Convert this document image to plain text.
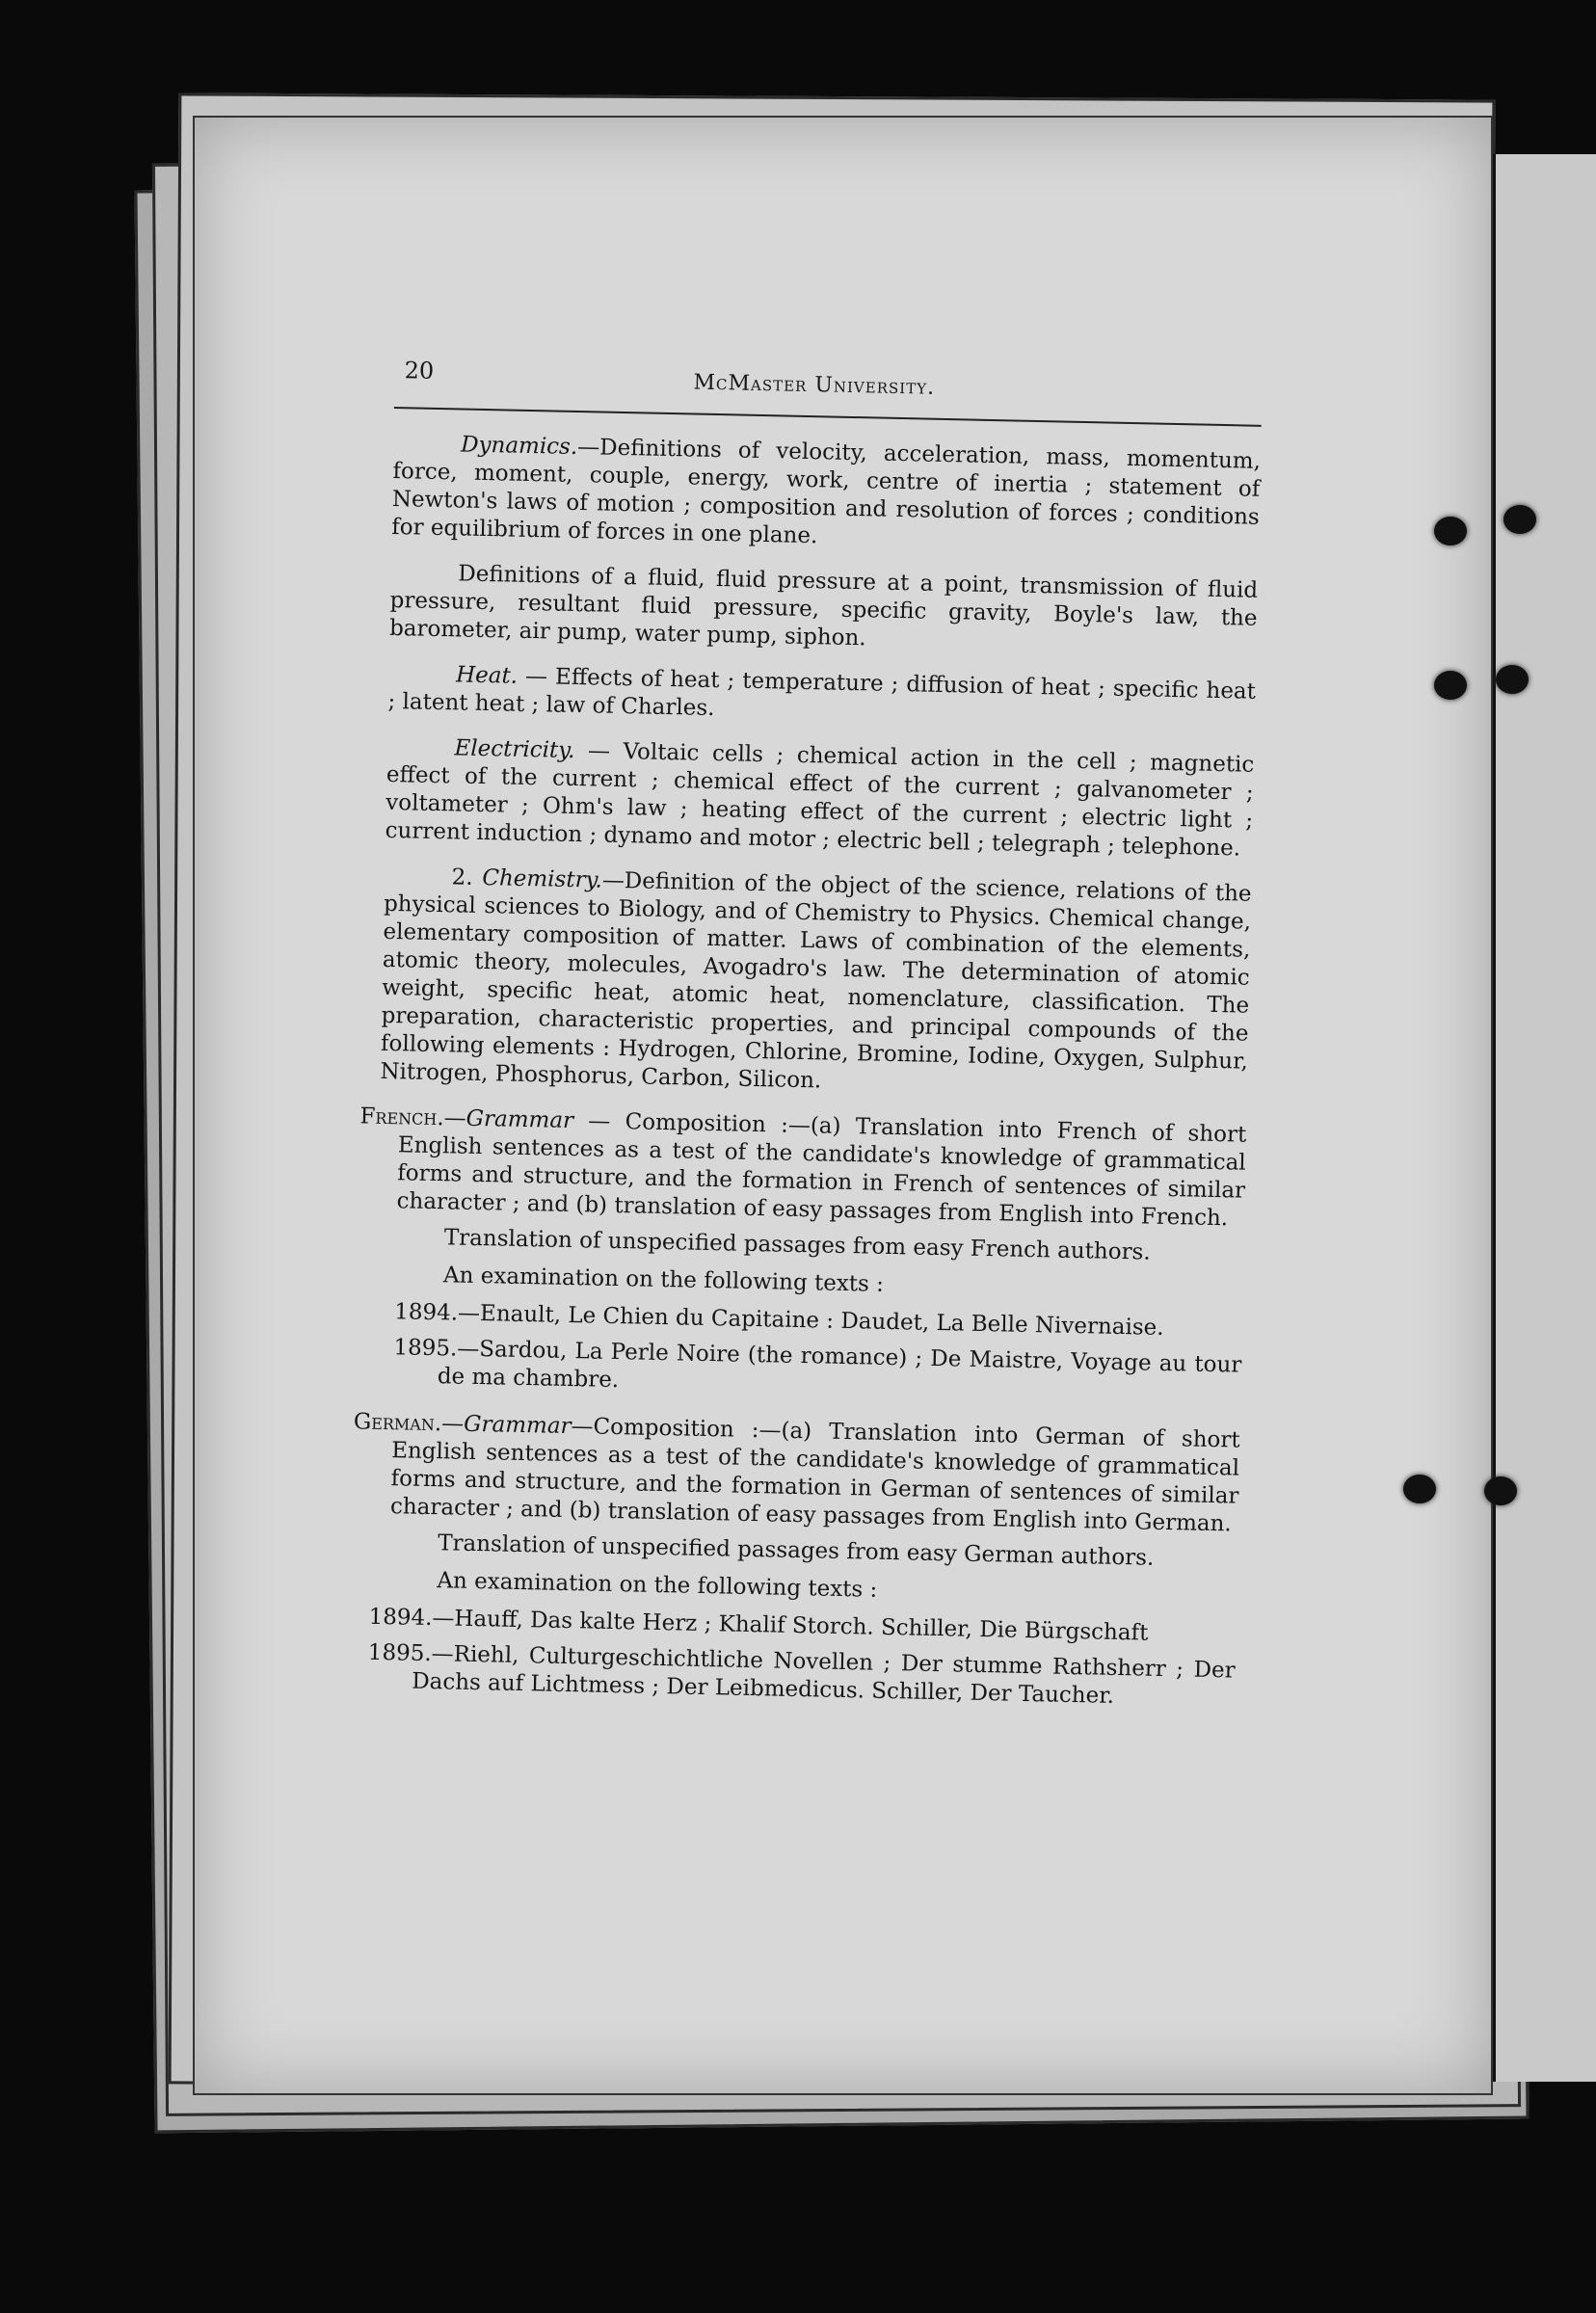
20	McMaster University.

Dynamics.—Definitions of velocity, acceleration, mass, momentum, force, moment, couple, energy, work, centre of inertia ; statement of Newton's laws of motion ; composition and resolution of forces ; conditions for equilibrium of forces in one plane.

Definitions of a fluid, fluid pressure at a point, transmission of fluid pressure, resultant fluid pressure, specific gravity, Boyle's law, the barometer, air pump, water pump, siphon.

Heat. — Effects of heat ; temperature ; diffusion of heat ; specific heat ; latent heat ; law of Charles.

Electricity. — Voltaic cells ; chemical action in the cell ; magnetic effect of the current ; chemical effect of the current ; galvanometer ; voltameter ; Ohm's law ; heating effect of the current ; electric light ; current induction ; dynamo and motor ; electric bell ; telegraph ; telephone.

2. Chemistry.—Definition of the object of the science, relations of the physical sciences to Biology, and of Chemistry to Physics. Chemical change, elementary composition of matter. Laws of combination of the elements, atomic theory, molecules, Avogadro's law. The determination of atomic weight, specific heat, atomic heat, nomenclature, classification. The preparation, characteristic properties, and principal compounds of the following elements : Hydrogen, Chlorine, Bromine, Iodine, Oxygen, Sulphur, Nitrogen, Phosphorus, Carbon, Silicon.

French.—Grammar — Composition :—(a) Translation into French of short English sentences as a test of the candidate's knowledge of grammatical forms and structure, and the formation in French of sentences of similar character ; and (b) translation of easy passages from English into French.

Translation of unspecified passages from easy French authors.

An examination on the following texts :

1894.—Enault, Le Chien du Capitaine : Daudet, La Belle Nivernaise.

1895.—Sardou, La Perle Noire (the romance) ; De Maistre, Voyage au tour de ma chambre.

German.—Grammar—Composition :—(a) Translation into German of short English sentences as a test of the candidate's knowledge of grammatical forms and structure, and the formation in German of sentences of similar character ; and (b) translation of easy passages from English into German.

Translation of unspecified passages from easy German authors.

An examination on the following texts :

1894.—Hauff, Das kalte Herz ; Khalif Storch. Schiller, Die Bürgschaft

1895.—Riehl, Culturgeschichtliche Novellen ; Der stumme Rathsherr ; Der Dachs auf Lichtmess ; Der Leibmedicus. Schiller, Der Taucher.
